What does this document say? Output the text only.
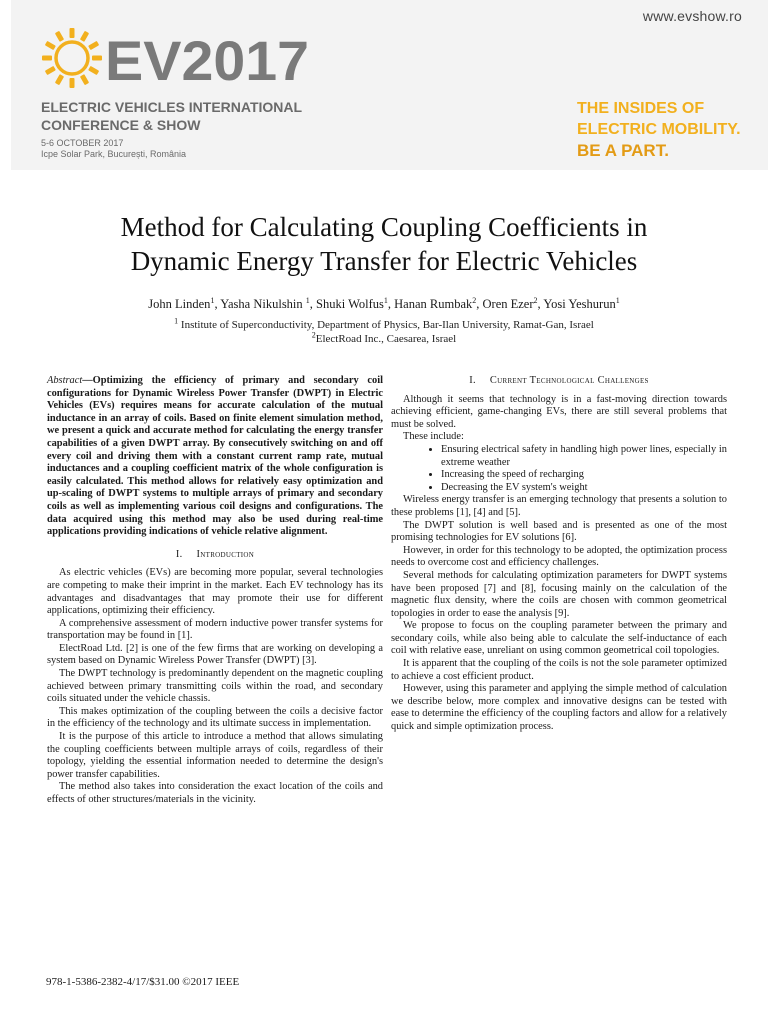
www.evshow.ro
EV2017
ELECTRIC VEHICLES INTERNATIONAL
CONFERENCE & SHOW
5-6 OCTOBER 2017
Icpe Solar Park, București, România
THE INSIDES OF
ELECTRIC MOBILITY.
BE A PART.
Method for Calculating Coupling Coefficients in
Dynamic Energy Transfer for Electric Vehicles
John Linden$^1$, Yasha Nikulshin $^1$, Shuki Wolfus$^1$, Hanan Rumbak$^2$, Oren Ezer$^2$, Yosi Yeshurun$^1$
$^1$ Institute of Superconductivity, Department of Physics, Bar-Ilan University, Ramat-Gan, Israel
$^2$ElectRoad Inc., Caesarea, Israel

Abstract—Optimizing the efficiency of primary and secondary coil configurations for Dynamic Wireless Power Transfer (DWPT) in Electric Vehicles (EVs) requires means for accurate calculation of the mutual inductance in an array of coils. Based on finite element simulation method, we present a quick and accurate method for calculating the energy transfer capabilities of a given DWPT array. By consecutively switching on and off every coil and driving them with a constant current ramp rate, mutual inductances and a coupling coefficient matrix of the whole configuration is easily calculated. This method allows for relatively easy optimization and up-scaling of DWPT systems to multiple arrays of primary and secondary coils as well as implementing various coil designs and configurations. The data acquired using this method may also be used during real-time applications providing indications of vehicle relative alignment.

I. Introduction

As electric vehicles (EVs) are becoming more popular, several technologies are competing to make their imprint in the market. Each EV technology has its advantages and disadvantages that may promote their use for different applications, optimizing their efficiency.

A comprehensive assessment of modern inductive power transfer systems for transportation may be found in [1].

ElectRoad Ltd. [2] is one of the few firms that are working on developing a system based on Dynamic Wireless Power Transfer (DWPT) [3].

The DWPT technology is predominantly dependent on the magnetic coupling achieved between primary transmitting coils within the road, and secondary coils situated under the vehicle chassis.

This makes optimization of the coupling between the coils a decisive factor in the efficiency of the technology and its ultimate success in implementation.

It is the purpose of this article to introduce a method that allows simulating the coupling coefficients between multiple arrays of coils, regardless of their topology, yielding the essential information needed to determine the design's power transfer capabilities.

The method also takes into consideration the exact location of the coils and effects of other structures/materials in the vicinity.

I. Current Technological Challenges

Although it seems that technology is in a fast-moving direction towards achieving efficient, game-changing EVs, there are still several problems that must be solved.

These include:

• Ensuring electrical safety in handling high power lines, especially in extreme weather
• Increasing the speed of recharging
• Decreasing the EV system's weight

Wireless energy transfer is an emerging technology that presents a solution to these problems [1], [4] and [5].

The DWPT solution is well based and is presented as one of the most promising technologies for EV solutions [6].

However, in order for this technology to be adopted, the optimization process needs to overcome cost and efficiency challenges.

Several methods for calculating optimization parameters for DWPT systems have been proposed [7] and [8], focusing mainly on the calculation of the magnetic flux density, where the coils are chosen with common geometrical topologies in order to ease the analysis [9].

We propose to focus on the coupling parameter between the primary and secondary coils, while also being able to calculate the self-inductance of each coil with relative ease, unreliant on using common geometrical coil topologies.

It is apparent that the coupling of the coils is not the sole parameter optimized to achieve a cost efficient product.

However, using this parameter and applying the simple method of calculation we describe below, more complex and innovative designs can be tested with ease to determine the efficiency of the coupling factors and allow for a relatively quick and simple optimization process.

978-1-5386-2382-4/17/$31.00 ©2017 IEEE
